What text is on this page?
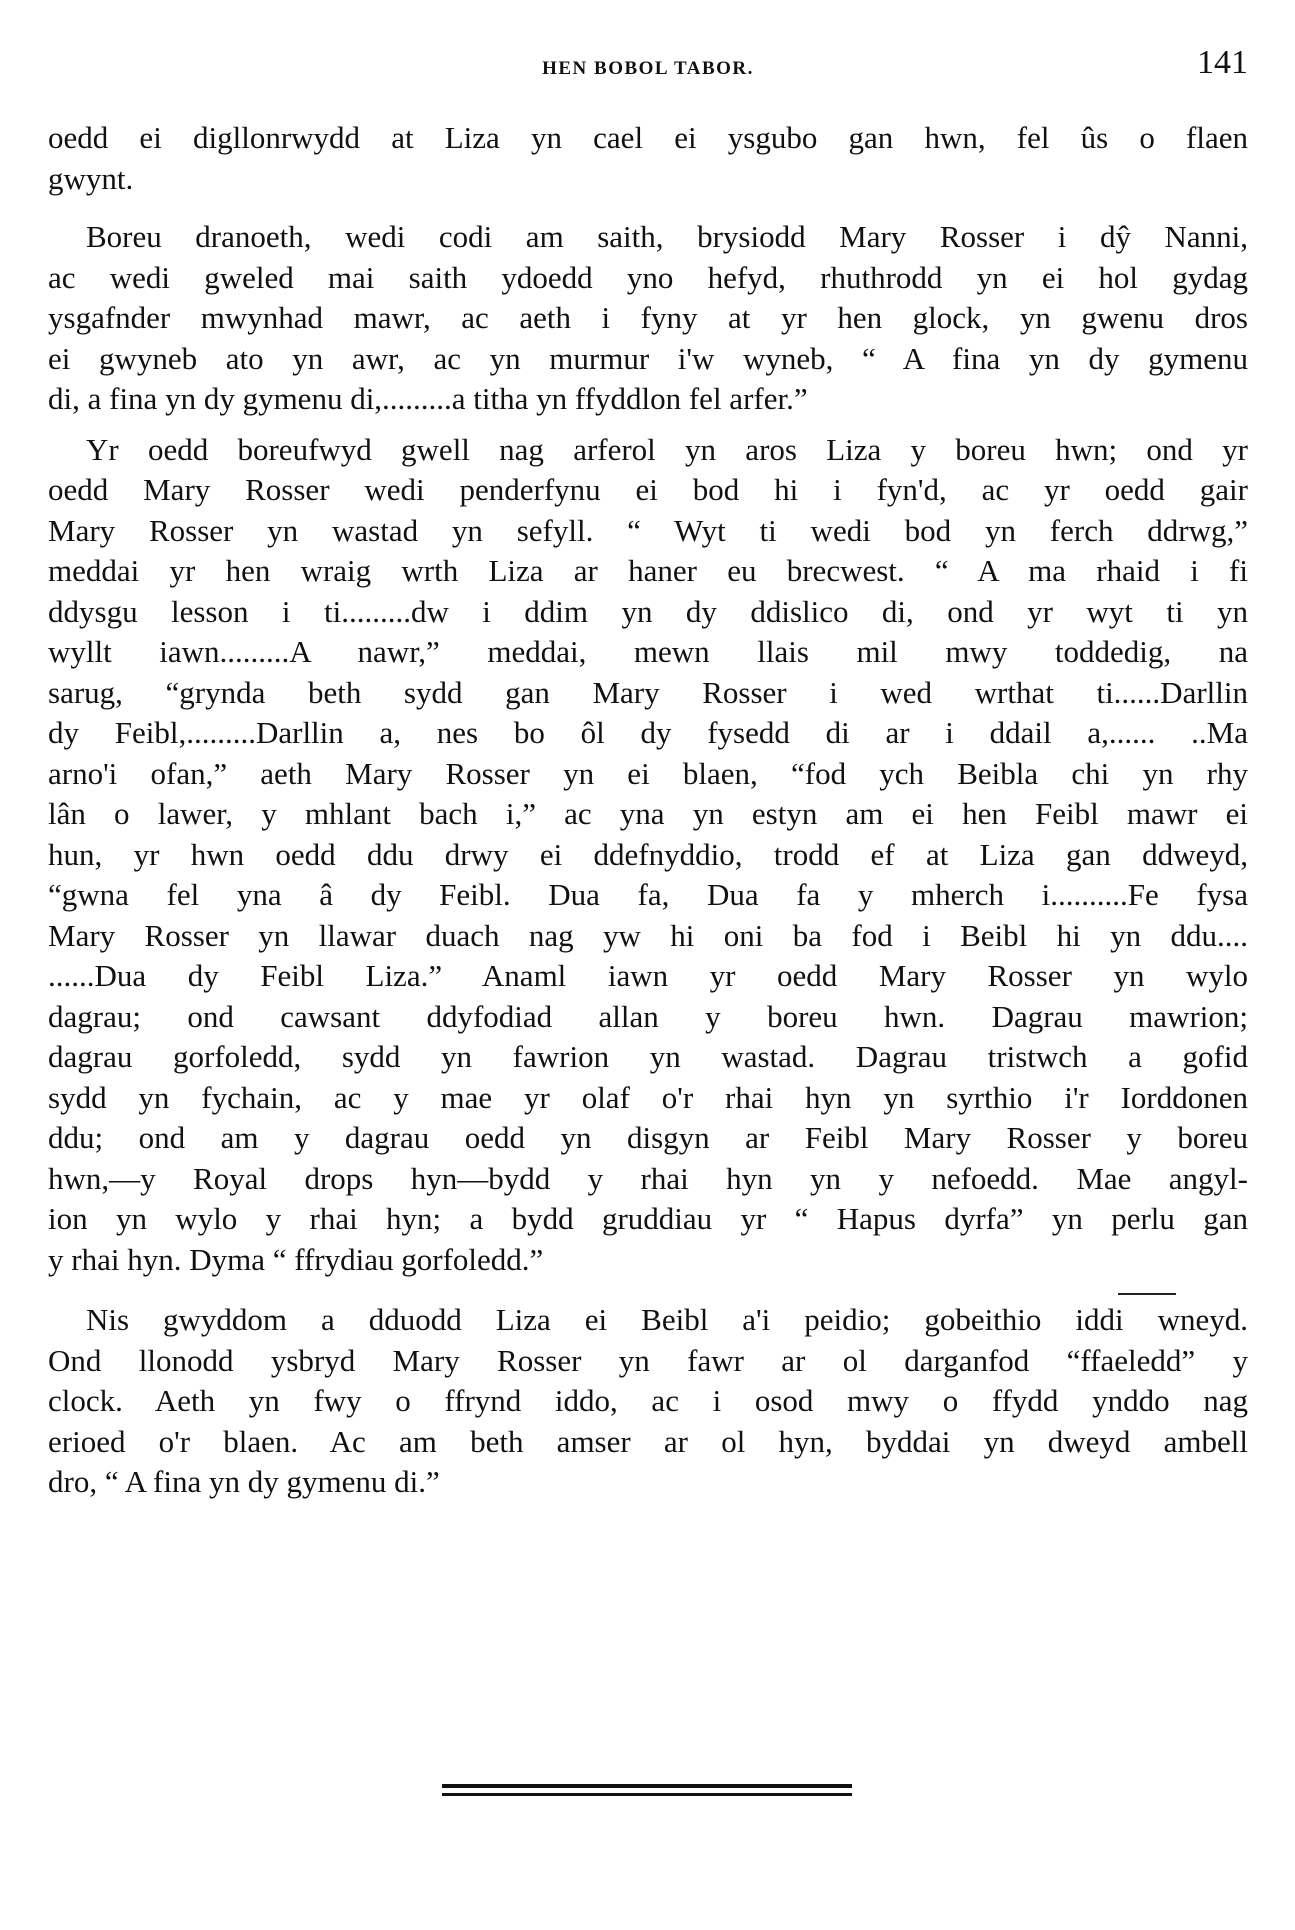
HEN BOBOL TABOR.	141
oedd ei digllonrwydd at Liza yn cael ei ysgubo gan hwn, fel ûs o flaen
gwynt.
Boreu dranoeth, wedi codi am saith, brysiodd Mary Rosser i dŷ Nanni,
ac wedi gweled mai saith ydoedd yno hefyd, rhuthrodd yn ei hol gydag
ysgafnder mwynhad mawr, ac aeth i fyny at yr hen glock, yn gwenu dros
ei gwyneb ato yn awr, ac yn murmur i'w wyneb, “ A fina yn dy gymenu
di, a fina yn dy gymenu di,.........a titha yn ffyddlon fel arfer.”
Yr oedd boreufwyd gwell nag arferol yn aros Liza y boreu hwn; ond yr
oedd Mary Rosser wedi penderfynu ei bod hi i fyn'd, ac yr oedd gair
Mary Rosser yn wastad yn sefyll. “ Wyt ti wedi bod yn ferch ddrwg,”
meddai yr hen wraig wrth Liza ar haner eu brecwest. “ A ma rhaid i fi
ddysgu lesson i ti.........dw i ddim yn dy ddislico di, ond yr wyt ti yn
wyllt iawn.........A nawr,” meddai, mewn llais mil mwy toddedig, na
sarug, “grynda beth sydd gan Mary Rosser i wed wrthat ti......Darllin
dy Feibl,.........Darllin a, nes bo ôl dy fysedd di ar i ddail a,...... ..Ma
arno'i ofan,” aeth Mary Rosser yn ei blaen, “fod ych Beibla chi yn rhy
lân o lawer, y mhlant bach i,” ac yna yn estyn am ei hen Feibl mawr ei
hun, yr hwn oedd ddu drwy ei ddefnyddio, trodd ef at Liza gan ddweyd,
“gwna fel yna â dy Feibl. Dua fa, Dua fa y mherch i..........Fe fysa
Mary Rosser yn llawar duach nag yw hi oni ba fod i Beibl hi yn ddu....
......Dua dy Feibl Liza.” Anaml iawn yr oedd Mary Rosser yn wylo
dagrau; ond cawsant ddyfodiad allan y boreu hwn. Dagrau mawrion;
dagrau gorfoledd, sydd yn fawrion yn wastad. Dagrau tristwch a gofid
sydd yn fychain, ac y mae yr olaf o'r rhai hyn yn syrthio i'r Iorddonen
ddu; ond am y dagrau oedd yn disgyn ar Feibl Mary Rosser y boreu
hwn,—y Royal drops hyn—bydd y rhai hyn yn y nefoedd. Mae angyl-
ion yn wylo y rhai hyn; a bydd gruddiau yr “ Hapus dyrfa” yn perlu gan
y rhai hyn. Dyma “ ffrydiau gorfoledd.”
Nis gwyddom a dduodd Liza ei Beibl a'i peidio; gobeithio iddi wneyd.
Ond llonodd ysbryd Mary Rosser yn fawr ar ol darganfod “ffaeledd” y
clock. Aeth yn fwy o ffrynd iddo, ac i osod mwy o ffydd ynddo nag
erioed o'r blaen. Ac am beth amser ar ol hyn, byddai yn dweyd ambell
dro, “ A fina yn dy gymenu di.”
